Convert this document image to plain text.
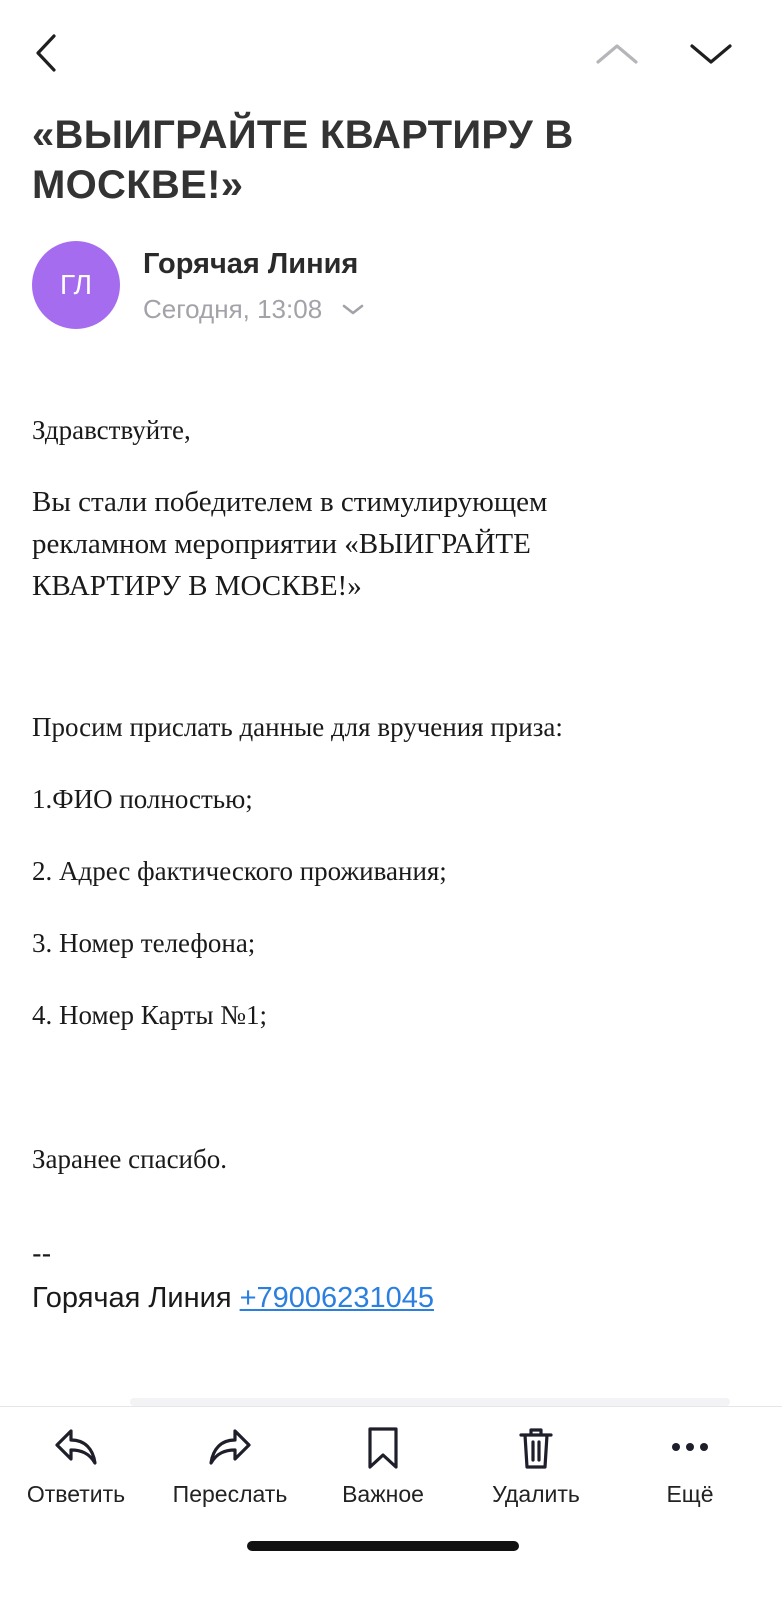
«ВЫИГРАЙТЕ КВАРТИРУ В МОСКВЕ!»
ГЛ
Горячая Линия
Сегодня, 13:08
Здравствуйте,
Вы стали победителем в стимулирующем рекламном мероприятии «ВЫИГРАЙТЕ КВАРТИРУ В МОСКВЕ!»
Просим прислать данные для вручения приза:
1.ФИО полностью;
2. Адрес фактического проживания;
3. Номер телефона;
4. Номер Карты №1;
Заранее спасибо.
--
Горячая Линия +79006231045
Ответить	Переслать	Важное	Удалить	Ещё
